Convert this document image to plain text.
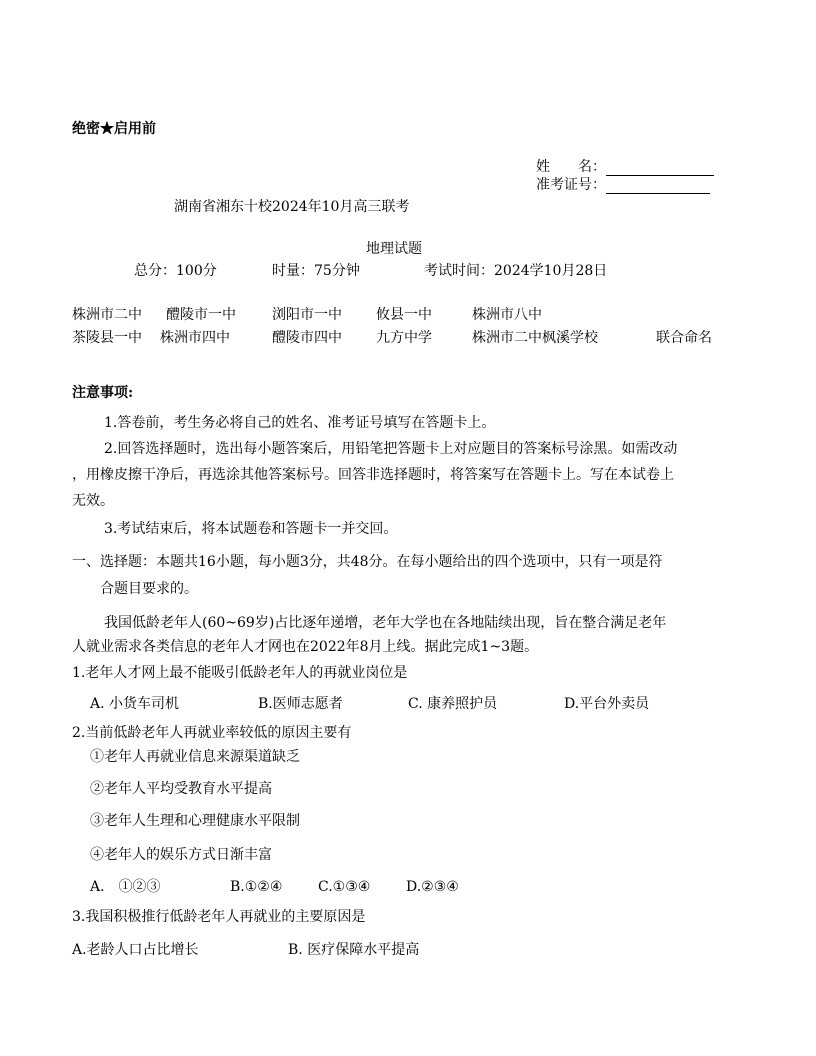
绝密★启用前
姓　　名：
准考证号：
湖南省湘东十校2024年10月高三联考
地理试题
总分：100分	时量：75分钟	考试时间：2024学10月28日
株洲市二中 醴陵市一中	浏阳市一中 攸县一中	株洲市八中
茶陵县一中 株洲市四中	醴陵市四中 九方中学	株洲市二中枫溪学校	联合命名
注意事项:
1.答卷前，考生务必将自己的姓名、准考证号填写在答题卡上。
2.回答选择题时，选出每小题答案后，用铅笔把答题卡上对应题目的答案标号涂黑。如需改动
，用橡皮擦干净后，再选涂其他答案标号。回答非选择题时，将答案写在答题卡上。写在本试卷上
无效。
3.考试结束后，将本试题卷和答题卡一并交回。
一、选择题：本题共16小题，每小题3分，共48分。在每小题给出的四个选项中，只有一项是符
合题目要求的。
我国低龄老年人(60~69岁)占比逐年递增，老年大学也在各地陆续出现，旨在整合满足老年
人就业需求各类信息的老年人才网也在2022年8月上线。据此完成1~3题。
1.老年人才网上最不能吸引低龄老年人的再就业岗位是
A. 小货车司机	B.医师志愿者	C. 康养照护员	D.平台外卖员
2.当前低龄老年人再就业率较低的原因主要有
①老年人再就业信息来源渠道缺乏
②老年人平均受教育水平提高
③老年人生理和心理健康水平限制
④老年人的娱乐方式日渐丰富
A． ①②③	B.①②④	C.①③④	D.②③④
3.我国积极推行低龄老年人再就业的主要原因是
A.老龄人口占比增长	B. 医疗保障水平提高
